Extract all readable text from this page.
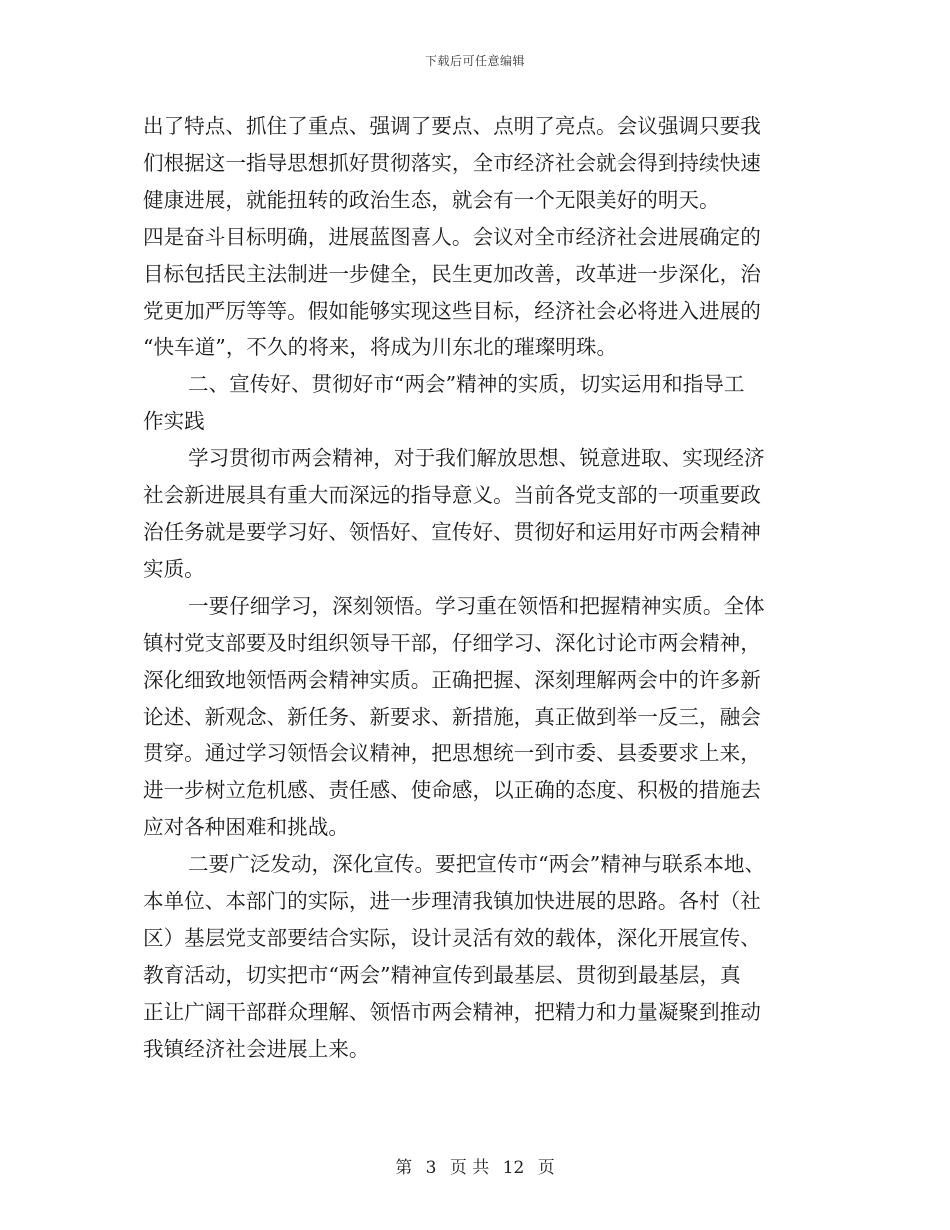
下载后可任意编辑
出了特点、抓住了重点、强调了要点、点明了亮点。会议强调只要我
们根据这一指导思想抓好贯彻落实，全市经济社会就会得到持续快速
健康进展，就能扭转的政治生态，就会有一个无限美好的明天。
四是奋斗目标明确，进展蓝图喜人。会议对全市经济社会进展确定的
目标包括民主法制进一步健全，民生更加改善，改革进一步深化，治
党更加严厉等等。假如能够实现这些目标，经济社会必将进入进展的
“快车道”，不久的将来，将成为川东北的璀璨明珠。
二、宣传好、贯彻好市“两会”精神的实质，切实运用和指导工
作实践
学习贯彻市两会精神，对于我们解放思想、锐意进取、实现经济
社会新进展具有重大而深远的指导意义。当前各党支部的一项重要政
治任务就是要学习好、领悟好、宣传好、贯彻好和运用好市两会精神
实质。
一要仔细学习，深刻领悟。学习重在领悟和把握精神实质。全体
镇村党支部要及时组织领导干部，仔细学习、深化讨论市两会精神，
深化细致地领悟两会精神实质。正确把握、深刻理解两会中的许多新
论述、新观念、新任务、新要求、新措施，真正做到举一反三，融会
贯穿。通过学习领悟会议精神，把思想统一到市委、县委要求上来，
进一步树立危机感、责任感、使命感，以正确的态度、积极的措施去
应对各种困难和挑战。
二要广泛发动，深化宣传。要把宣传市“两会”精神与联系本地、
本单位、本部门的实际，进一步理清我镇加快进展的思路。各村（社
区）基层党支部要结合实际，设计灵活有效的载体，深化开展宣传、
教育活动，切实把市“两会”精神宣传到最基层、贯彻到最基层，真
正让广阔干部群众理解、领悟市两会精神，把精力和力量凝聚到推动
我镇经济社会进展上来。
第 3 页 共 12 页
